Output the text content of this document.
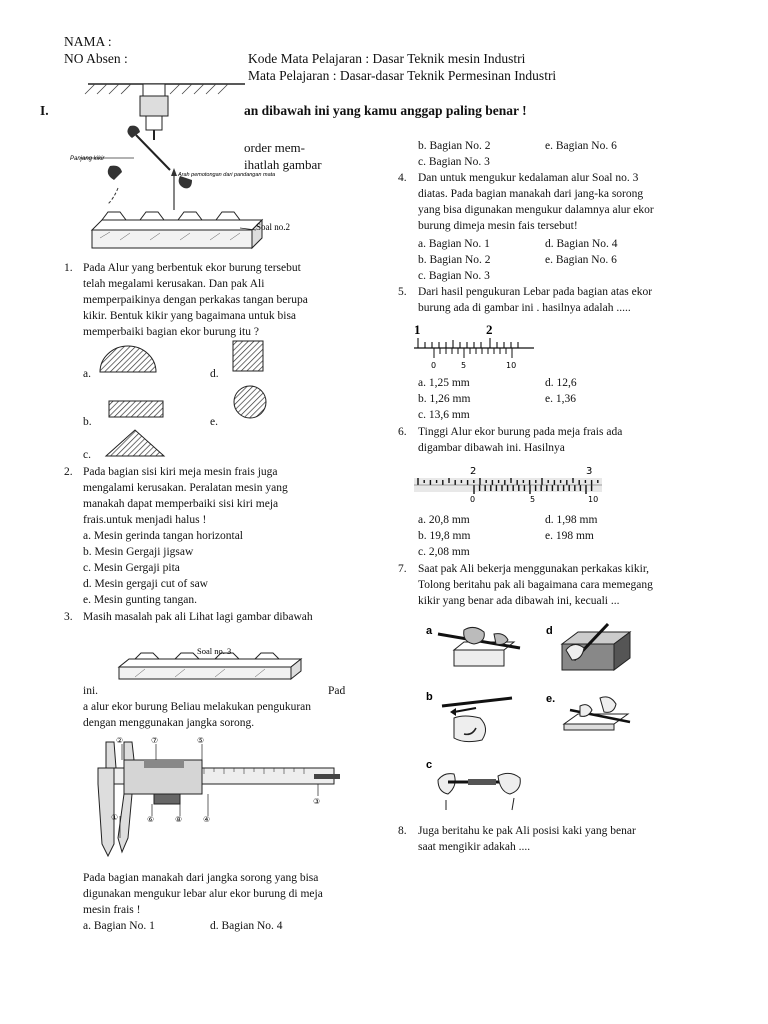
NAMA :
NO Absen :	Kode Mata Pelajaran : Dasar Teknik mesin Industri
Mata Pelajaran : Dasar-dasar Teknik Permesinan Industri
I.	an dibawah ini yang kamu anggap paling benar !
order mem-
ihatlah gambar
Panjang kikir
Arah pemotongan dari pandangan mata
Soal no.2
1. Pada Alur yang berbentuk ekor burung tersebut
telah megalami kerusakan. Dan pak Ali
memperpaikinya dengan perkakas tangan berupa
kikir. Bentuk kikir yang bagaimana untuk bisa
memperbaiki bagian ekor burung itu ?
a.	d.
b.	e.
c.
2. Pada bagian sisi kiri meja mesin frais juga
mengalami kerusakan. Peralatan mesin yang
manakah dapat memperbaiki sisi kiri meja
frais.untuk menjadi halus !
a. Mesin gerinda tangan horizontal
b. Mesin Gergaji jigsaw
c. Mesin Gergaji pita
d. Mesin gergaji cut of saw
e. Mesin gunting tangan.
3. Masih masalah pak ali Lihat lagi gambar dibawah
Soal no. 3
ini.	Pad
a alur ekor burung Beliau melakukan pengukuran
dengan menggunakan jangka sorong.
②	⑦	⑤
③
①	⑥	⑧	④
Pada bagian manakah dari jangka sorong yang bisa
digunakan mengukur lebar alur ekor burung di meja
mesin frais !
a. Bagian No. 1	d. Bagian No. 4
b. Bagian No. 2	e. Bagian No. 6
c. Bagian No. 3
4. Dan untuk mengukur kedalaman alur Soal no. 3
diatas. Pada bagian manakah dari jang-ka sorong
yang bisa digunakan mengukur dalamnya alur ekor
burung dimeja mesin fais tersebut!
a. Bagian No. 1	d. Bagian No. 4
b. Bagian No. 2	e. Bagian No. 6
c. Bagian No. 3
5. Dari hasil pengukuran Lebar pada bagian atas ekor
burung ada di gambar ini . hasilnya adalah .....
1	2
0	5	10
a. 1,25 mm	d. 12,6
b. 1,26 mm	e. 1,36
c. 13,6 mm
6. Tinggi Alur ekor burung pada meja frais ada
digambar dibawah ini. Hasilnya
2	3
0	5	10
a. 20,8 mm	d. 1,98 mm
b. 19,8 mm	e. 198 mm
c. 2,08 mm
7. Saat pak Ali bekerja menggunakan perkakas kikir,
Tolong beritahu pak ali bagaimana cara memegang
kikir yang benar ada dibawah ini, kecuali ...
a	d
b	e.
c
8. Juga beritahu ke pak Ali posisi kaki yang benar
saat mengikir adakah ....
